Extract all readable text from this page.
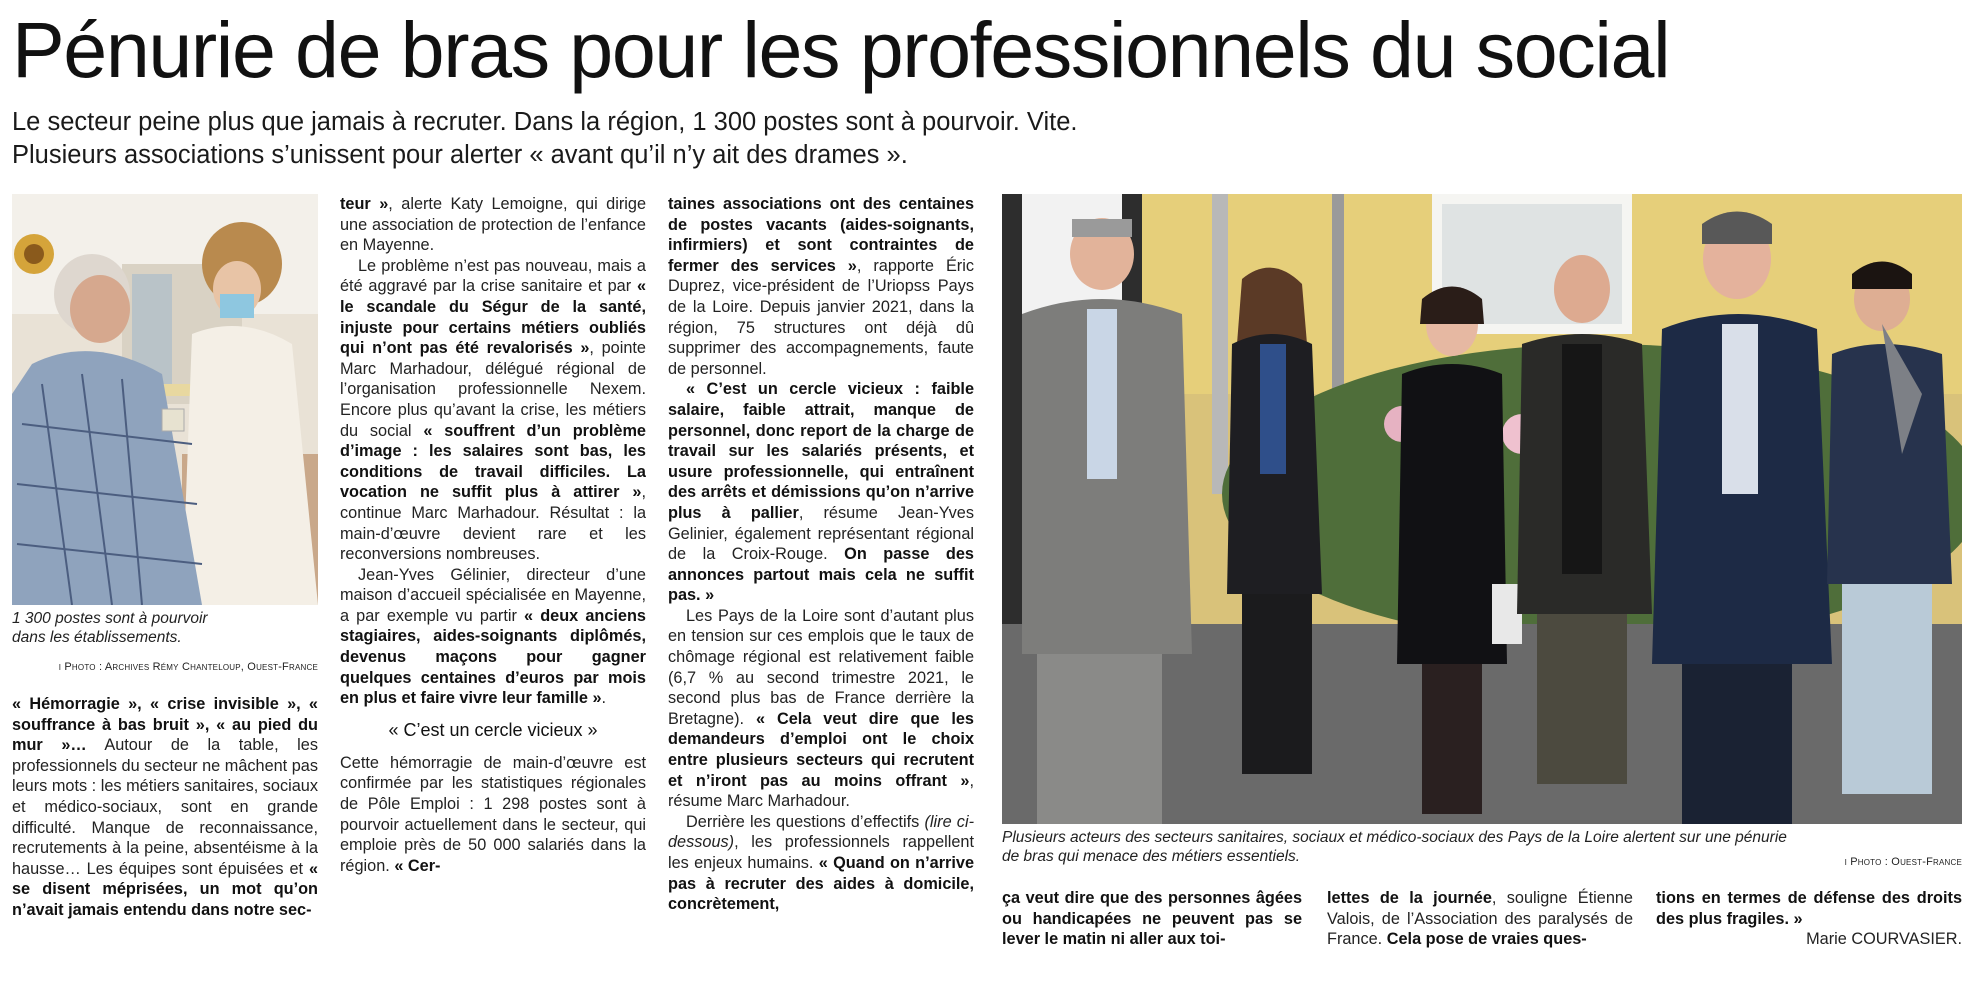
Pénurie de bras pour les professionnels du social
Le secteur peine plus que jamais à recruter. Dans la région, 1 300 postes sont à pourvoir. Vite.
Plusieurs associations s’unissent pour alerter « avant qu’il n’y ait des drames ».
1 300 postes sont à pourvoir
dans les établissements.
ı Photo : Archives Rémy Chanteloup, Ouest-France
Plusieurs acteurs des secteurs sanitaires, sociaux et médico-sociaux des Pays de la Loire alertent sur une pénurie
de bras qui menace des métiers essentiels.	ı Photo : Ouest-France

« Hémorragie », « crise invisible », « souffrance à bas bruit », « au pied du mur »… Autour de la table, les professionnels du secteur ne mâchent pas leurs mots : les métiers sanitaires, sociaux et médico-sociaux, sont en grande difficulté. Manque de reconnaissance, recrutements à la peine, absentéisme à la hausse… Les équipes sont épuisées et « se disent méprisées, un mot qu’on n’avait jamais entendu dans notre sec-

teur », alerte Katy Lemoigne, qui dirige une association de protection de l’enfance en Mayenne.

Le problème n’est pas nouveau, mais a été aggravé par la crise sanitaire et par « le scandale du Ségur de la santé, injuste pour certains métiers oubliés qui n’ont pas été revalorisés », pointe Marc Marhadour, délégué régional de l’organisation professionnelle Nexem. Encore plus qu’avant la crise, les métiers du social « souffrent d’un problème d’image : les salaires sont bas, les conditions de travail difficiles. La vocation ne suffit plus à attirer », continue Marc Marhadour. Résultat : la main-d’œuvre devient rare et les reconversions nombreuses.

Jean-Yves Gélinier, directeur d’une maison d’accueil spécialisée en Mayenne, a par exemple vu partir « deux anciens stagiaires, aides-soignants diplômés, devenus maçons pour gagner quelques centaines d’euros par mois en plus et faire vivre leur famille ».

« C’est un cercle vicieux »

Cette hémorragie de main-d’œuvre est confirmée par les statistiques régionales de Pôle Emploi : 1 298 postes sont à pourvoir actuellement dans le secteur, qui emploie près de 50 000 salariés dans la région. « Cer-

taines associations ont des centaines de postes vacants (aides-soignants, infirmiers) et sont contraintes de fermer des services », rapporte Éric Duprez, vice-président de l’Uriopss Pays de la Loire. Depuis janvier 2021, dans la région, 75 structures ont déjà dû supprimer des accompagnements, faute de personnel.

« C’est un cercle vicieux : faible salaire, faible attrait, manque de personnel, donc report de la charge de travail sur les salariés présents, et usure professionnelle, qui entraînent des arrêts et démissions qu’on n’arrive plus à pallier, résume Jean-Yves Gelinier, également représentant régional de la Croix-Rouge. On passe des annonces partout mais cela ne suffit pas. »

Les Pays de la Loire sont d’autant plus en tension sur ces emplois que le taux de chômage régional est relativement faible (6,7 % au second trimestre 2021, le second plus bas de France derrière la Bretagne). « Cela veut dire que les demandeurs d’emploi ont le choix entre plusieurs secteurs qui recrutent et n’iront pas au moins offrant », résume Marc Marhadour.

Derrière les questions d’effectifs (lire ci-dessous), les professionnels rappellent les enjeux humains. « Quand on n’arrive pas à recruter des aides à domicile, concrètement,	ça veut dire que des personnes âgées ou handicapées ne peuvent pas se lever le matin ni aller aux toi-

lettes de la journée, souligne Étienne Valois, de l’Association des paralysés de France. Cela pose de vraies ques-

tions en termes de défense des droits des plus fragiles. »

Marie COURVASIER.
